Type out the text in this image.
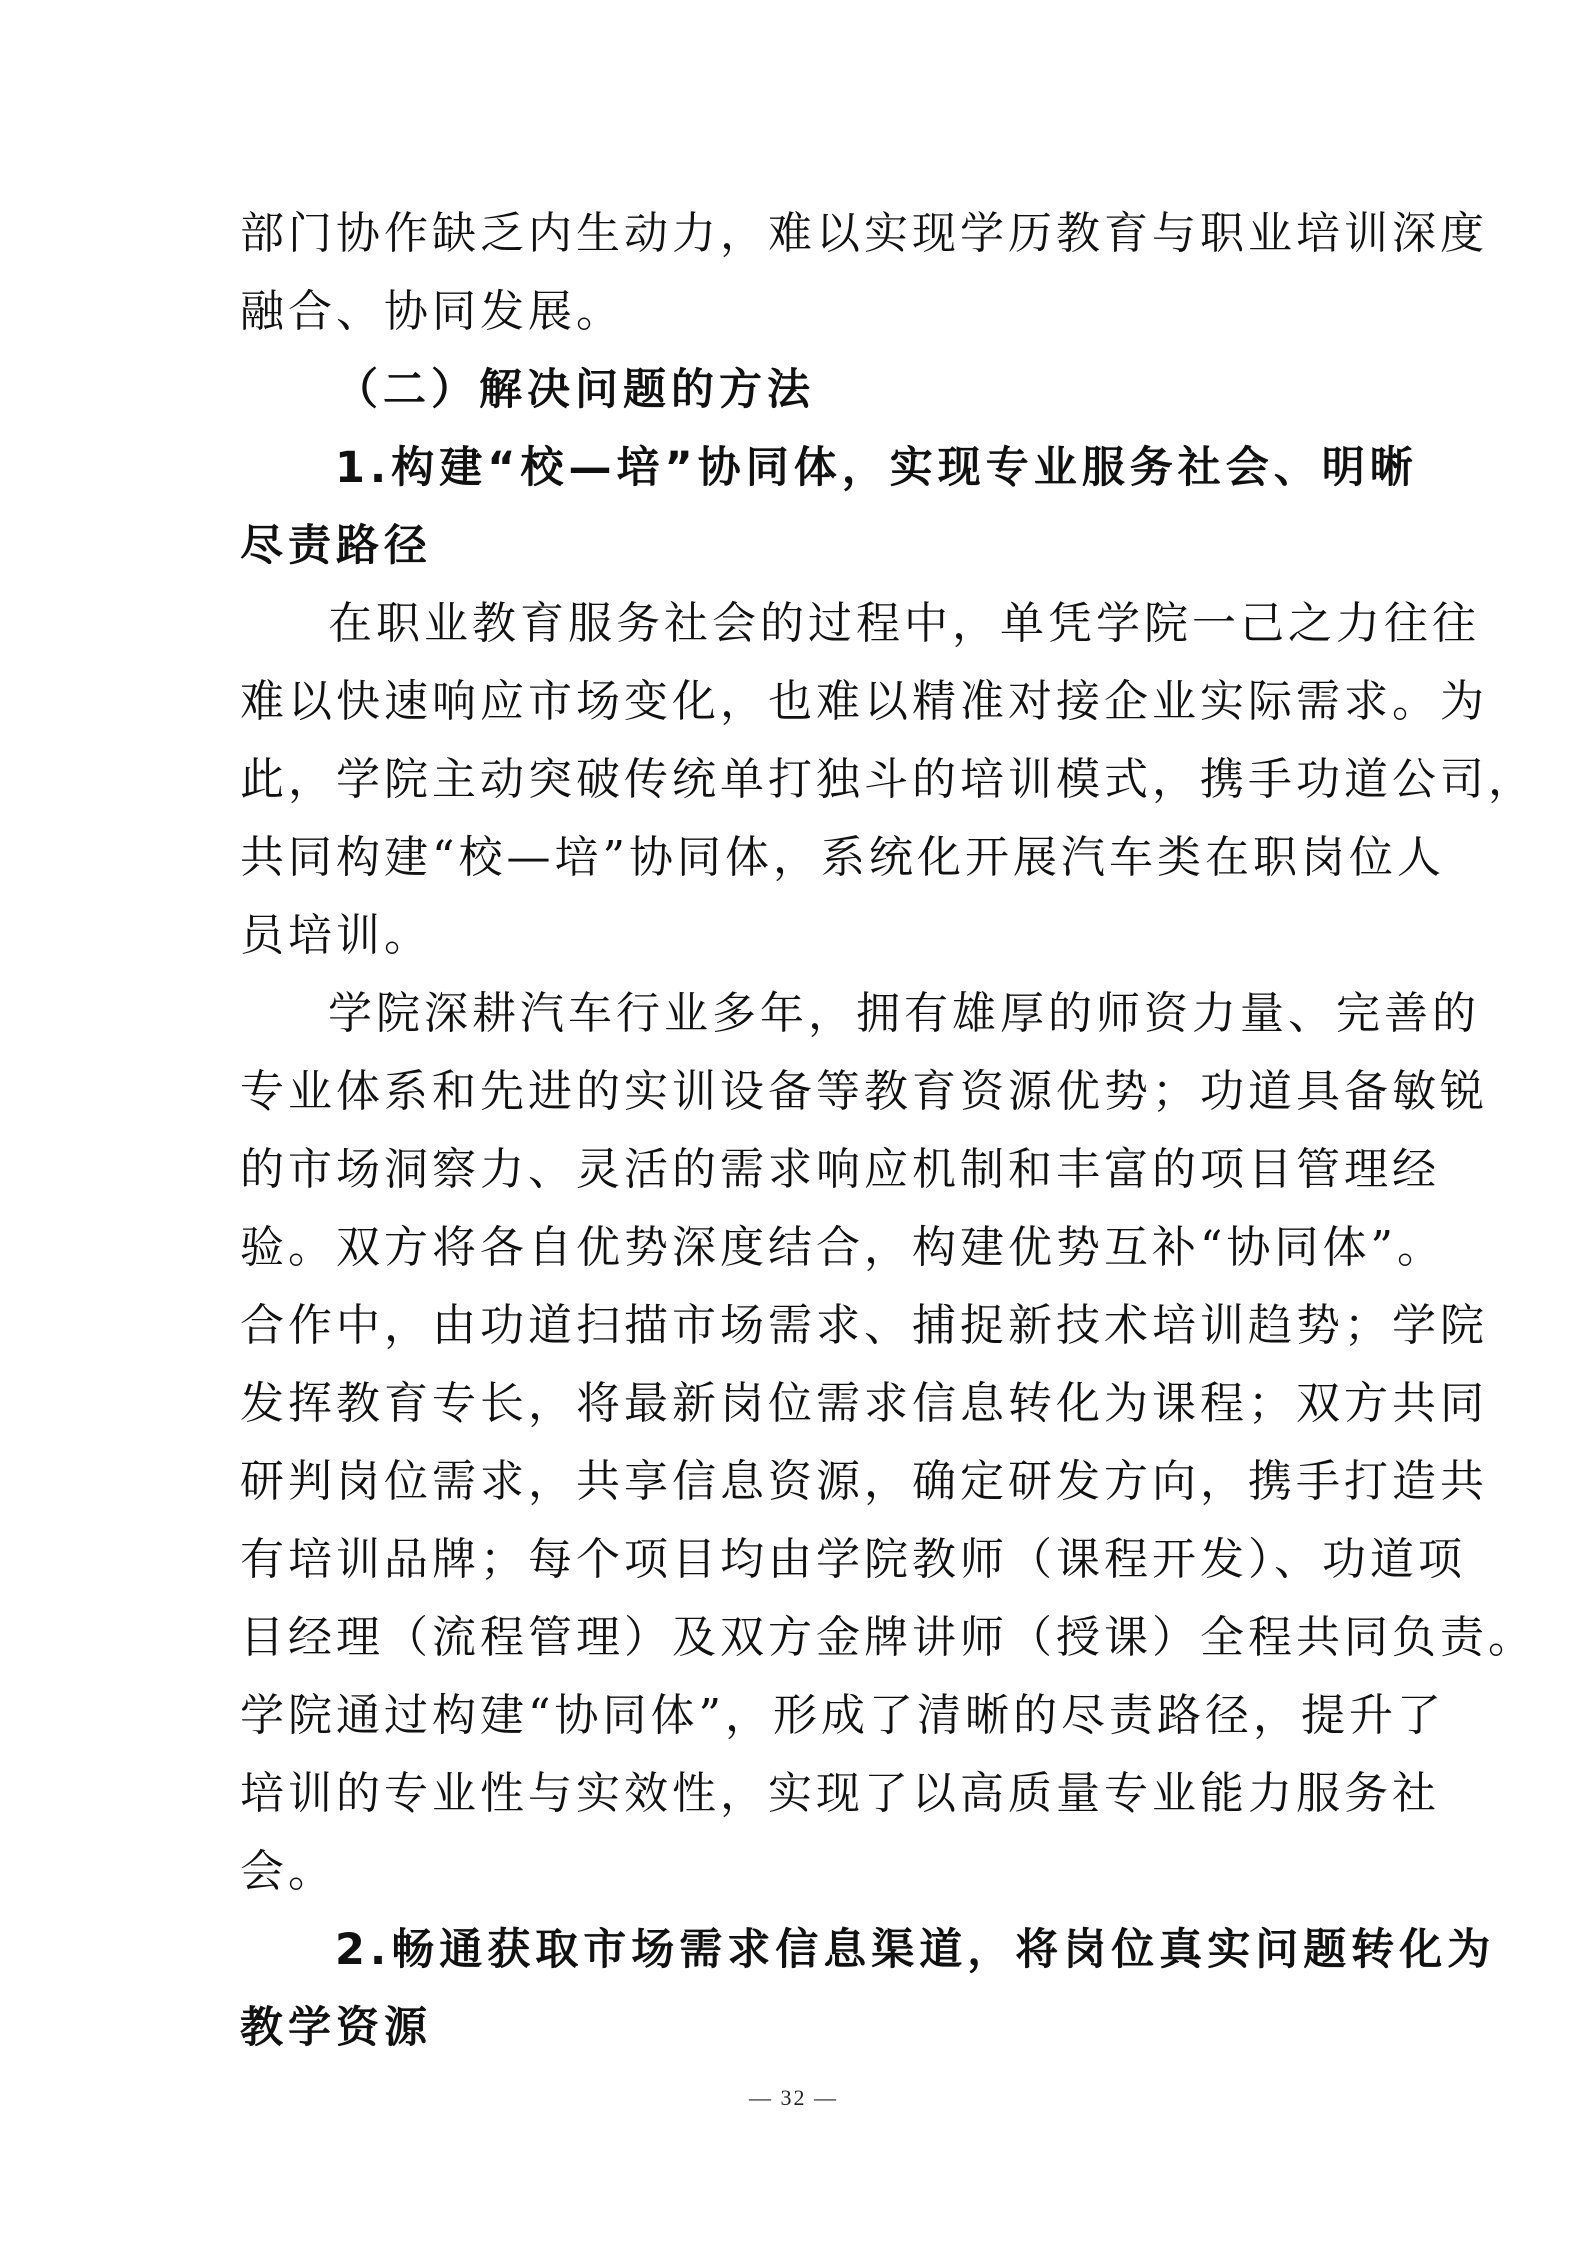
部门协作缺乏内生动力，难以实现学历教育与职业培训深度
融合、协同发展。
（二）解决问题的方法
1.构建“校—培”协同体，实现专业服务社会、明晰
尽责路径
在职业教育服务社会的过程中，单凭学院一己之力往往
难以快速响应市场变化，也难以精准对接企业实际需求。为
此，学院主动突破传统单打独斗的培训模式，携手功道公司，
共同构建“校—培”协同体，系统化开展汽车类在职岗位人
员培训。
学院深耕汽车行业多年，拥有雄厚的师资力量、完善的
专业体系和先进的实训设备等教育资源优势；功道具备敏锐
的市场洞察力、灵活的需求响应机制和丰富的项目管理经
验。双方将各自优势深度结合，构建优势互补“协同体”。
合作中，由功道扫描市场需求、捕捉新技术培训趋势；学院
发挥教育专长，将最新岗位需求信息转化为课程；双方共同
研判岗位需求，共享信息资源，确定研发方向，携手打造共
有培训品牌；每个项目均由学院教师（课程开发）、功道项
目经理（流程管理）及双方金牌讲师（授课）全程共同负责。
学院通过构建“协同体”，形成了清晰的尽责路径，提升了
培训的专业性与实效性，实现了以高质量专业能力服务社
会。
2.畅通获取市场需求信息渠道，将岗位真实问题转化为
教学资源
— 32 —
